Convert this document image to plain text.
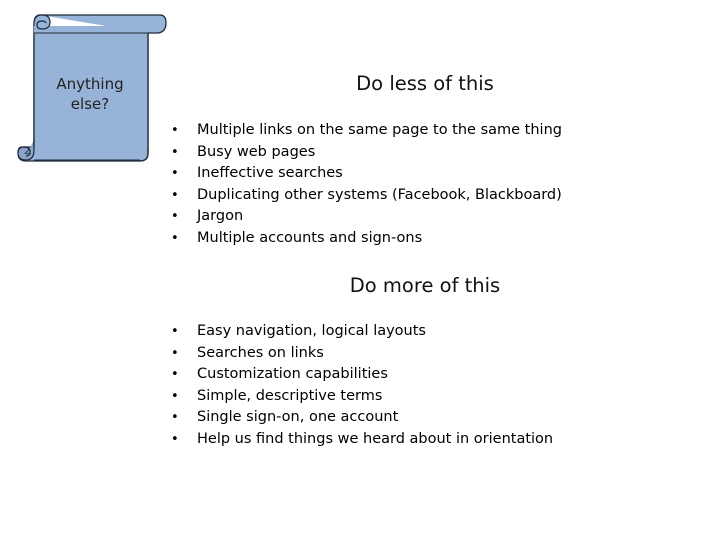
2
Anything
else?
Do less of this
• Multiple links on the same page to the same thing
• Busy web pages
• Ineffective searches
• Duplicating other systems (Facebook, Blackboard)
• Jargon
• Multiple accounts and sign-ons
Do more of this
• Easy navigation, logical layouts
• Searches on links
• Customization capabilities
• Simple, descriptive terms
• Single sign-on, one account
• Help us find things we heard about in orientation
